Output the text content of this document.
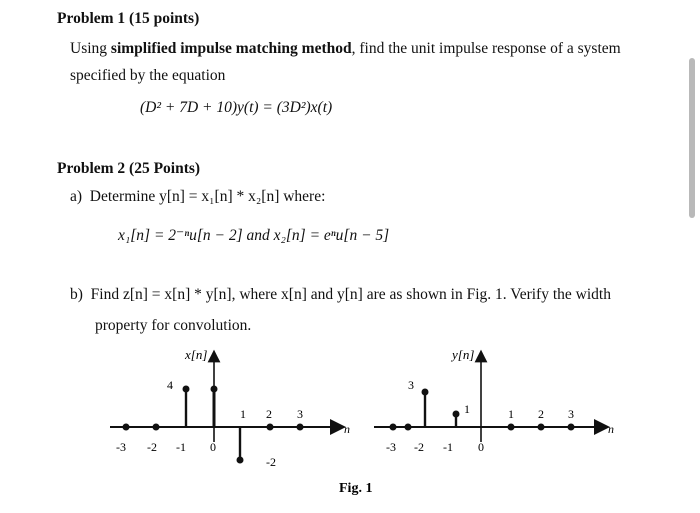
Problem 1 (15 points)
Using simplified impulse matching method, find the unit impulse response of a system
specified by the equation
(D² + 7D + 10)y(t) = (3D²)x(t)
Problem 2 (25 Points)
a) Determine y[n] = x₁[n] * x₂[n] where:
x₁[n] = 2⁻ⁿu[n − 2] and x₂[n] = eⁿu[n − 5]
b) Find z[n] = x[n] * y[n], where x[n] and y[n] are as shown in Fig. 1. Verify the width
property for convolution.
x[n]
n
4
-2
-3 -2 -1 0
1 2 3
y[n]
n
3
1
-3 -2 -1 0
1 2 3
Fig. 1
